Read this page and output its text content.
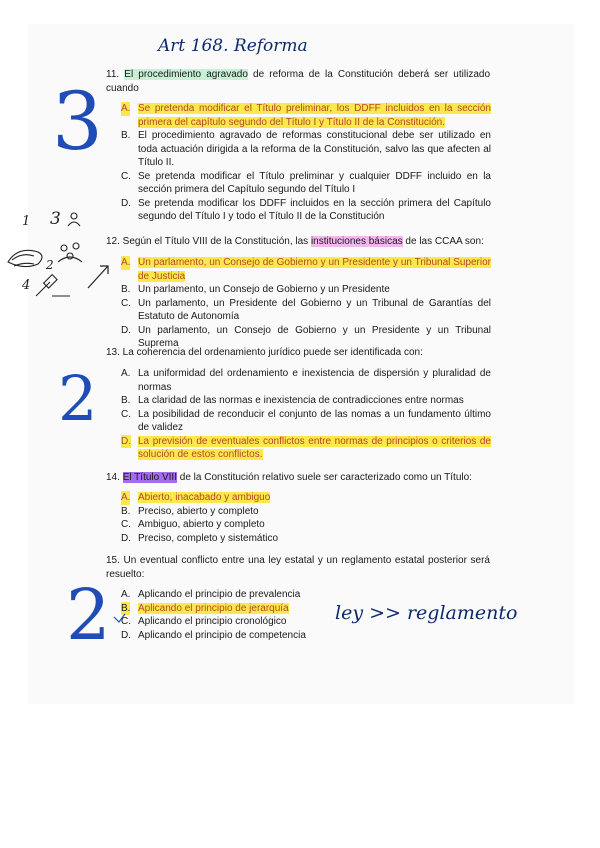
Art 168. Reforma
11. El procedimiento agravado de reforma de la Constitución deberá ser utilizado cuando
A. Se pretenda modificar el Título preliminar, los DDFF incluidos en la sección primera del capítulo segundo del Título I y Título II de la Constitución.
B. El procedimiento agravado de reformas constitucional debe ser utilizado en toda actuación dirigida a la reforma de la Constitución, salvo las que afecten al Título II.
C. Se pretenda modificar el Título preliminar y cualquier DDFF incluido en la sección primera del Capítulo segundo del Título I
D. Se pretenda modificar los DDFF incluidos en la sección primera del Capítulo segundo del Título I y todo el Título II de la Constitución
12. Según el Título VIII de la Constitución, las instituciones básicas de las CCAA son:
A. Un parlamento, un Consejo de Gobierno y un Presidente y un Tribunal Superior de Justicia
B. Un parlamento, un Consejo de Gobierno y un Presidente
C. Un parlamento, un Presidente del Gobierno y un Tribunal de Garantías del Estatuto de Autonomía
D. Un parlamento, un Consejo de Gobierno y un Presidente y un Tribunal Suprema
13. La coherencia del ordenamiento jurídico puede ser identificada con:
A. La uniformidad del ordenamiento e inexistencia de dispersión y pluralidad de normas
B. La claridad de las normas e inexistencia de contradicciones entre normas
C. La posibilidad de reconducir el conjunto de las nomas a un fundamento último de validez
D. La previsión de eventuales conflictos entre normas de principios o criterios de solución de estos conflictos.
14. El Título VIII de la Constitución relativo suele ser caracterizado como un Título:
A. Abierto, inacabado y ambiguo
B. Preciso, abierto y completo
C. Ambiguo, abierto y completo
D. Preciso, completo y sistemático
15. Un eventual conflicto entre una ley estatal y un reglamento estatal posterior será resuelto:
A. Aplicando el principio de prevalencia
B. Aplicando el principio de jerarquía
C. Aplicando el principio cronológico
D. Aplicando el principio de competencia
3
2
2	ley >> reglamento
1 3
2
4
